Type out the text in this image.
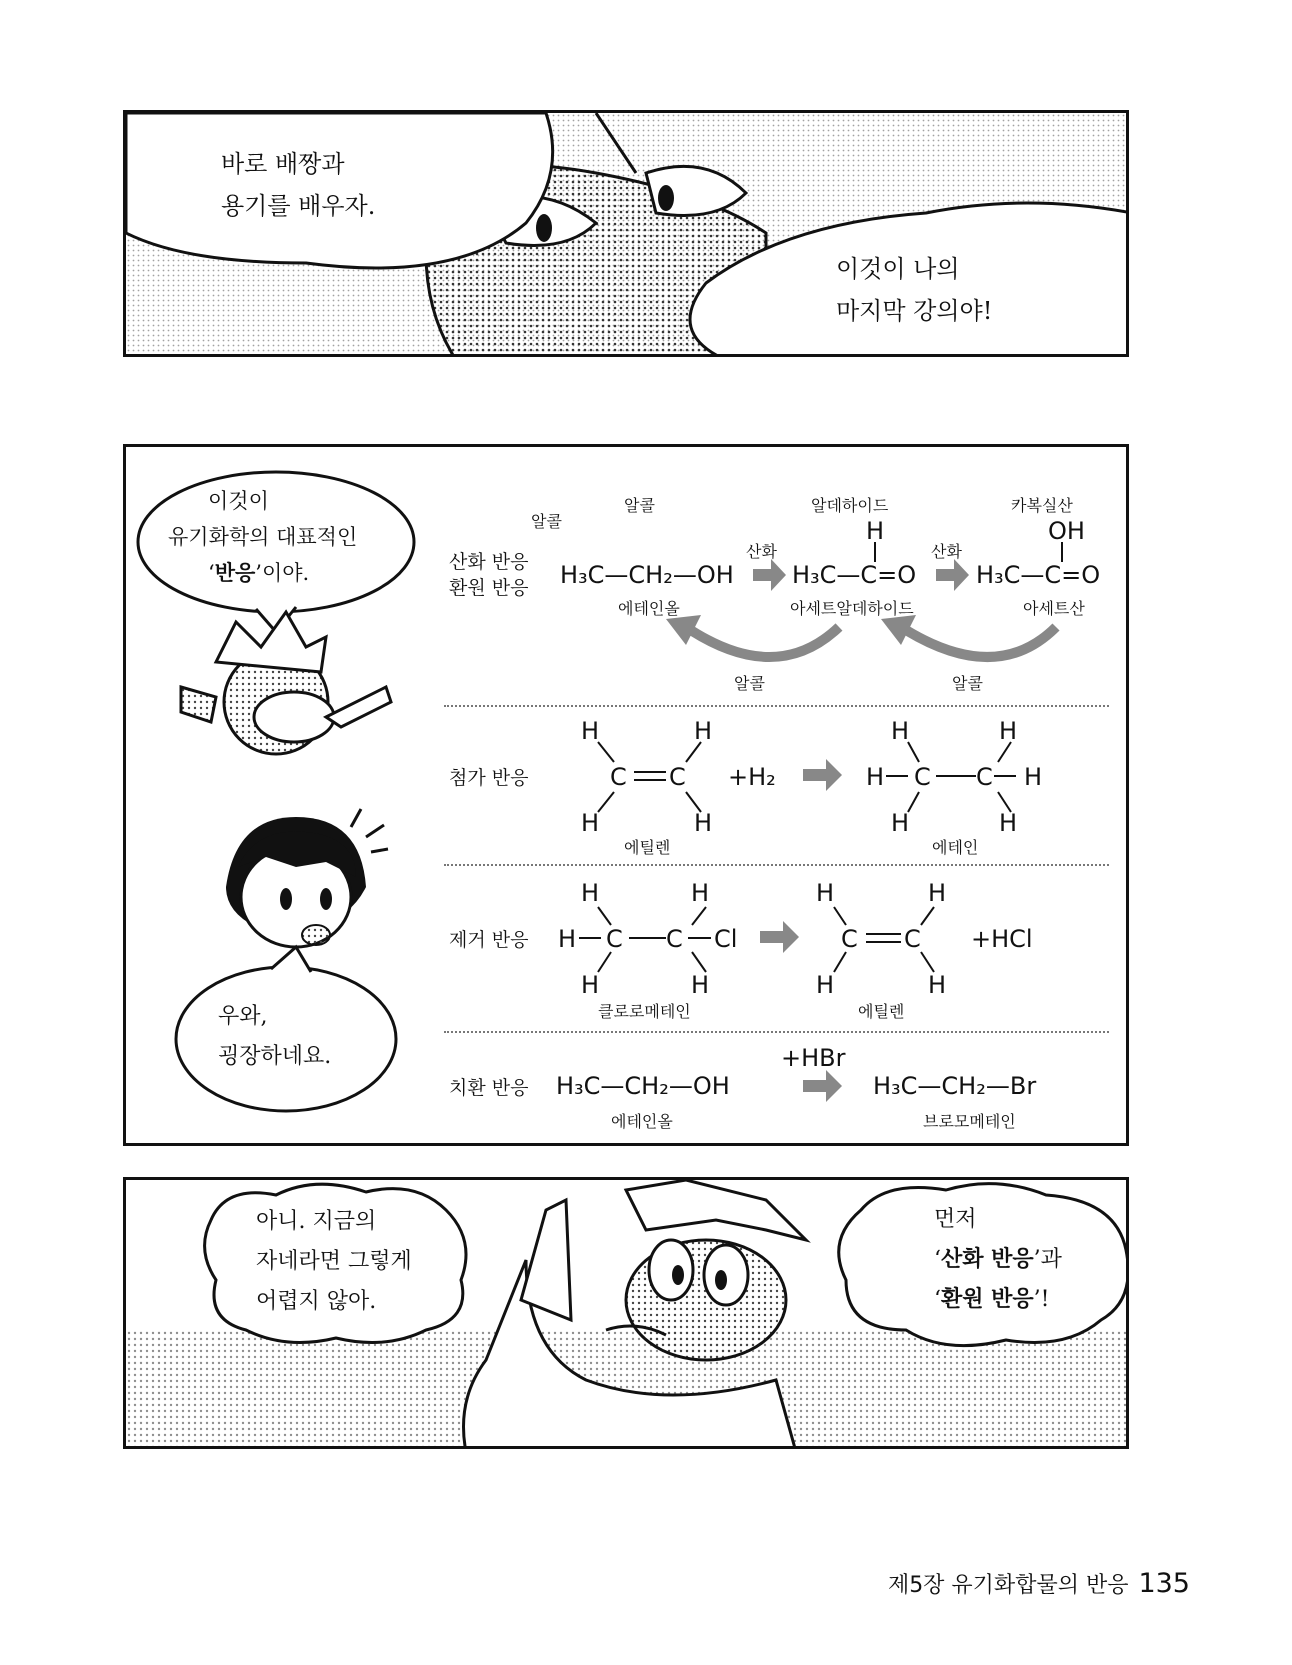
바로 배짱과
용기를 배우자.
이것이 나의
마지막 강의야!
이것이
유기화학의 대표적인
‘반응’이야.
우와,
굉장하네요.
산화 반응
환원 반응
알콜
알콜	알데하이드	카복실산
H₃C—CH₂—OH
에테인올
산화
H
H₃C—C=O
아세트알데하이드
산화
OH
H₃C—C=O
아세트산
알콜	알콜
첨가 반응
H	H
C C
H	H
+H₂
에틸렌
H	H
H C C H
H	H
에테인
제거 반응
H	H
H C C Cl
H	H
클로로메테인
H	H
C C
H	H
+HCl
에틸렌
치환 반응 H₃C—CH₂—OH
에테인올
+HBr
H₃C—CH₂—Br
브로모메테인
아니. 지금의
자네라면 그렇게
어렵지 않아.
먼저
‘산화 반응’과
‘환원 반응’!
제5장 유기화합물의 반응 135
